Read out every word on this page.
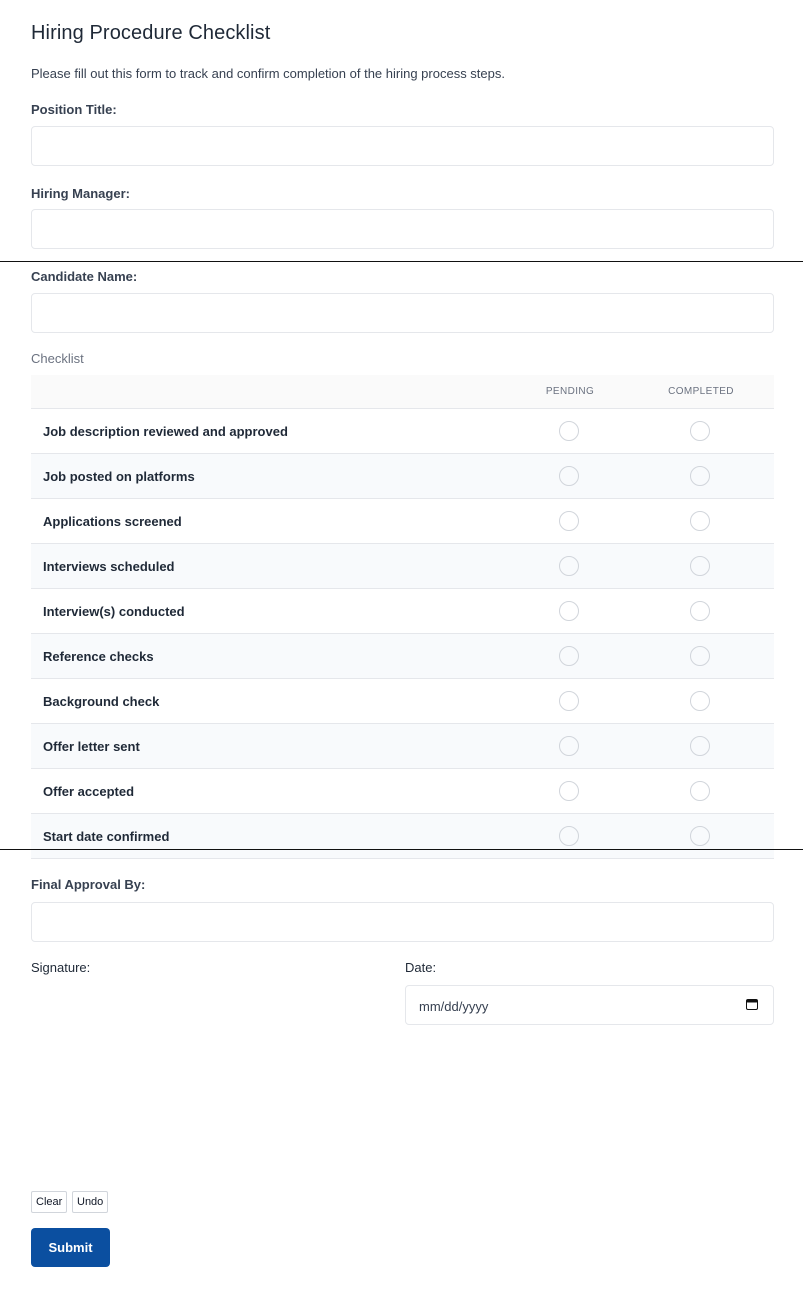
Hiring Procedure Checklist
Please fill out this form to track and confirm completion of the hiring process steps.
Position Title:
Hiring Manager:
Candidate Name:
Checklist
PENDING	COMPLETED
Job description reviewed and approved
Job posted on platforms
Applications screened
Interviews scheduled
Interview(s) conducted
Reference checks
Background check
Offer letter sent
Offer accepted
Start date confirmed
Final Approval By:
Signature:	Date:
mm/dd/yyyy
Clear	Undo
Submit
